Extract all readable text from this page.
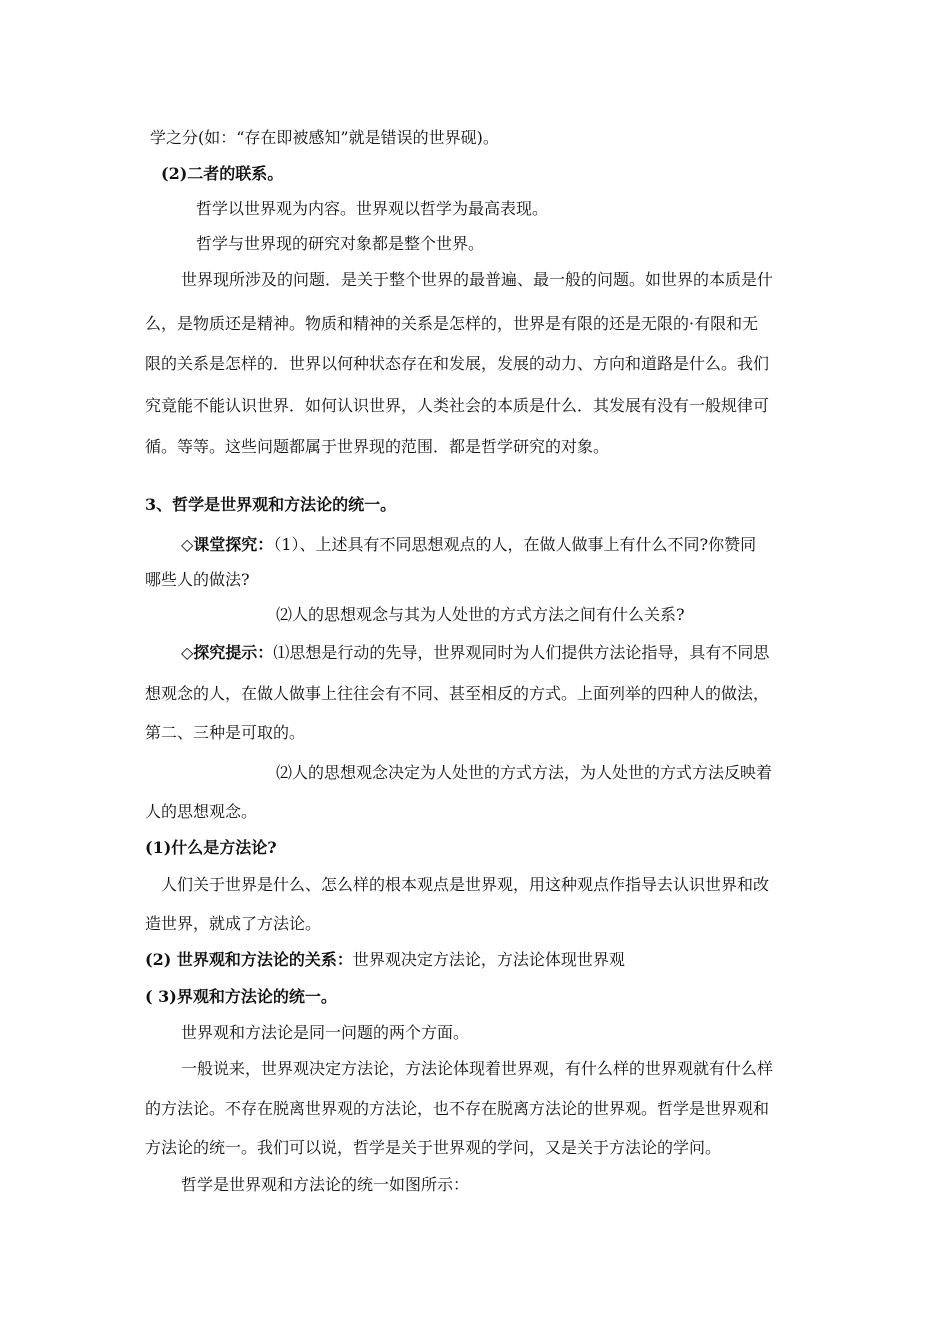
学之分(如：“存在即被感知”就是错误的世界砚)。
(2)二者的联系。
哲学以世界观为内容。世界观以哲学为最高表现。
哲学与世界现的研究对象都是整个世界。
世界现所涉及的问题．是关于整个世界的最普遍、最一般的问题。如世界的本质是什
么，是物质还是精神。物质和精神的关系是怎样的，世界是有限的还是无限的·有限和无
限的关系是怎样的．世界以何种状态存在和发展，发展的动力、方向和道路是什么。我们
究竟能不能认识世界．如何认识世界，人类社会的本质是什么．其发展有没有一般规律可
循。等等。这些问题都属于世界现的范围．都是哲学研究的对象。
3、哲学是世界观和方法论的统一。
◇课堂探究：（1）、上述具有不同思想观点的人，在做人做事上有什么不同?你赞同
哪些人的做法?
⑵人的思想观念与其为人处世的方式方法之间有什么关系?
◇探究提示：⑴思想是行动的先导，世界观同时为人们提供方法论指导，具有不同思
想观念的人，在做人做事上往往会有不同、甚至相反的方式。上面列举的四种人的做法，
第二、三种是可取的。
⑵人的思想观念决定为人处世的方式方法，为人处世的方式方法反映着
人的思想观念。
(1)什么是方法论?
人们关于世界是什么、怎么样的根本观点是世界观，用这种观点作指导去认识世界和改
造世界，就成了方法论。
(2) 世界观和方法论的关系：世界观决定方法论，方法论体现世界观
( 3)界观和方法论的统一。
世界观和方法论是同一问题的两个方面。
一般说来，世界观决定方法论，方法论体现着世界观，有什么样的世界观就有什么样
的方法论。不存在脱离世界观的方法论，也不存在脱离方法论的世界观。哲学是世界观和
方法论的统一。我们可以说，哲学是关于世界观的学问，又是关于方法论的学问。
哲学是世界观和方法论的统一如图所示：
